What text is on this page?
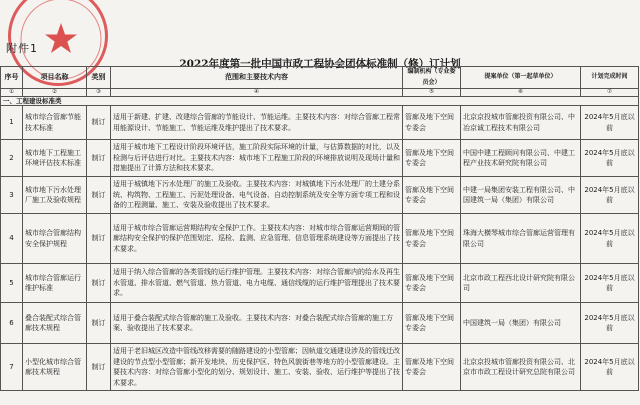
附件1
2022年度第一批中国市政工程协会团体标准制（修）订计划
序号	项目名称	类别	范围和主要技术内容	编制机构（专业委员会）	提案单位（第一起草单位）	计划完成时间
①	②	③	④	⑤	⑥	⑦
一、工程建设标准类						
1	城市综合管廊节能技术标准	制订	适用于新建、扩建、改建综合管廊的节能设计、节能运维。主要技术内容：对综合管廊工程常用能源设计、节能施工、节能运维及维护提出了技术要求。	管廊及地下空间专委会	北京京投城市管廊投资有限公司、中冶京诚工程技术有限公司	2024年5月底以前
2	城市地下工程施工环境评估技术标准	制订	适用于城市地下工程设计阶段环境评估，施工阶段实际环境的计量，与估算数据的对比，以及检测与后评估进行对比。主要技术内容：城市地下工程施工阶段的环境排放说明及现场计量和措施提出了计算方法和技术要求。	管廊及地下空间专委会	中国中建工程顾问有限公司、中建工程产业技术研究院有限公司	2024年5月底以前
3	城市地下污水处理厂施工及验收规程	制订	适用于城镇地下污水处理厂的施工及验收。主要技术内容：对城镇地下污水处理厂的土建分系统、构筑物、工程施工、污泥处理设备、电气设备、自动控制系统及安全等方面专项工程和设备的工程测量、施工、安装及验收提出了技术要求。	管廊及地下空间专委会	中建一局集团安装工程有限公司、中国建筑一局（集团）有限公司	2024年5月底以前
4	城市综合管廊结构安全保护规程	制订	适用于城市综合管廊运营期结构安全保护工作。主要技术内容：对城市综合管廊运营期间的管廊结构安全保护的保护范围划定、巡检、监测、应急管理、信息管理系统建设等方面提出了技术要求。	管廊及地下空间专委会	珠海大横琴城市综合管廊运营管理有限公司	2024年5月底以前
5	城市综合管廊运行维护标准	制订	适用于纳入综合管廊的各类管线的运行维护管理。主要技术内容：对综合管廊内的给水及再生水管道、排水管道、燃气管道、热力管道、电力电缆、通信线缆的运行维护管理提出了技术要求。	管廊及地下空间专委会	北京市政工程西北设计研究院有限公司	2024年5月底以前
6	叠合装配式综合管廊技术规程	制订	适用于叠合装配式综合管廊的施工及验收。主要技术内容：对叠合装配式综合管廊的施工方案、验收提出了技术要求。	管廊及地下空间专委会	中国建筑一局（集团）有限公司	2024年5月底以前
7	小型化城市综合管廊技术规程	制订	适用于老旧城区改造中管线改移需要的随路建设的小型管廊；因轨道交通建设涉及的管线迁改建设的节点型小型管廊；新开发地块、历史保护区、特色风貌街巷等地方的小型管廊建设。主要技术内容：对综合管廊小型化的划分、规划设计、施工、安装、验收、运行维护等提出了技术要求。	管廊及地下空间专委会	北京京投城市管廊投资有限公司、北京市市政工程设计研究总院有限公司	2024年5月底以前
